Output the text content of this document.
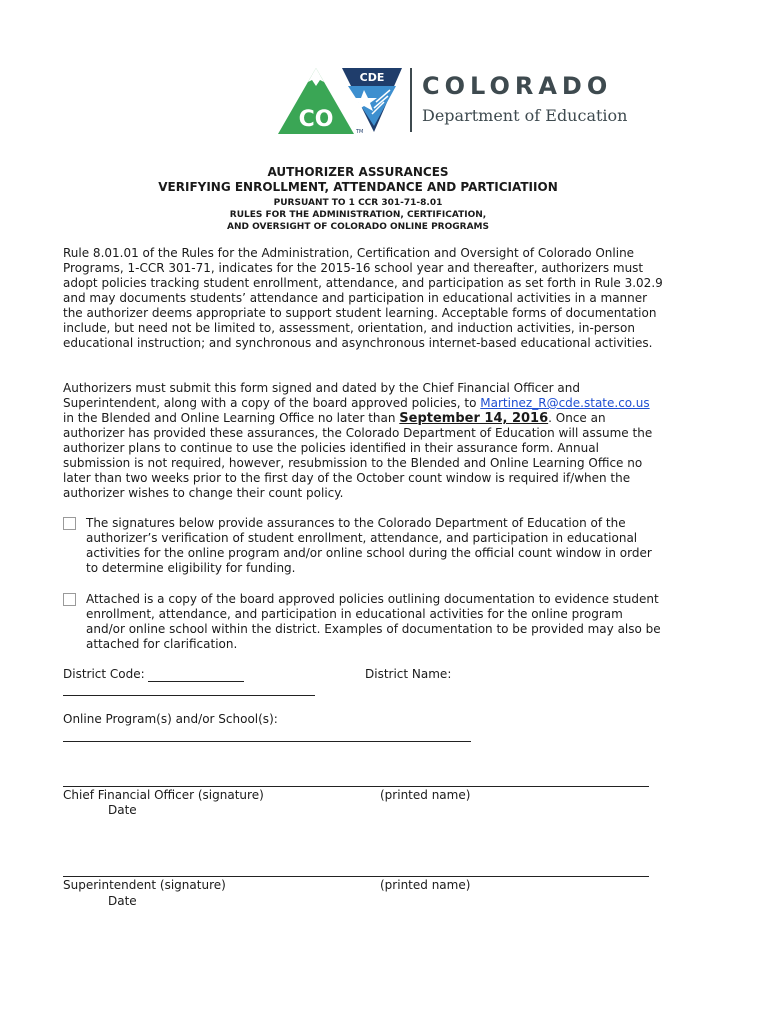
CO
CDE
TM
COLORADO
Department of Education
AUTHORIZER ASSURANCES
VERIFYING ENROLLMENT, ATTENDANCE AND PARTICIATIION
PURSUANT TO 1 CCR 301-71-8.01
RULES FOR THE ADMINISTRATION, CERTIFICATION,
AND OVERSIGHT OF COLORADO ONLINE PROGRAMS

Rule 8.01.01 of the Rules for the Administration, Certification and Oversight of Colorado Online Programs, 1-CCR 301-71, indicates for the 2015-16 school year and thereafter, authorizers must adopt policies tracking student enrollment, attendance, and participation as set forth in Rule 3.02.9 and may documents students’ attendance and participation in educational activities in a manner the authorizer deems appropriate to support student learning. Acceptable forms of documentation include, but need not be limited to, assessment, orientation, and induction activities, in-person educational instruction; and synchronous and asynchronous internet-based educational activities.

Authorizers must submit this form signed and dated by the Chief Financial Officer and Superintendent, along with a copy of the board approved policies, to Martinez_R@cde.state.co.us in the Blended and Online Learning Office no later than September 14, 2016. Once an authorizer has provided these assurances, the Colorado Department of Education will assume the authorizer plans to continue to use the policies identified in their assurance form. Annual submission is not required, however, resubmission to the Blended and Online Learning Office no later than two weeks prior to the first day of the October count window is required if/when the authorizer wishes to change their count policy.

The signatures below provide assurances to the Colorado Department of Education of the authorizer’s verification of student enrollment, attendance, and participation in educational activities for the online program and/or online school during the official count window in order to determine eligibility for funding.
Attached is a copy of the board approved policies outlining documentation to evidence student enrollment, attendance, and participation in educational activities for the online program and/or online school within the district. Examples of documentation to be provided may also be attached for clarification.
District Code:	District Name:
Online Program(s) and/or School(s):
Chief Financial Officer (signature)	(printed name)
Date
Superintendent (signature)	(printed name)
Date
